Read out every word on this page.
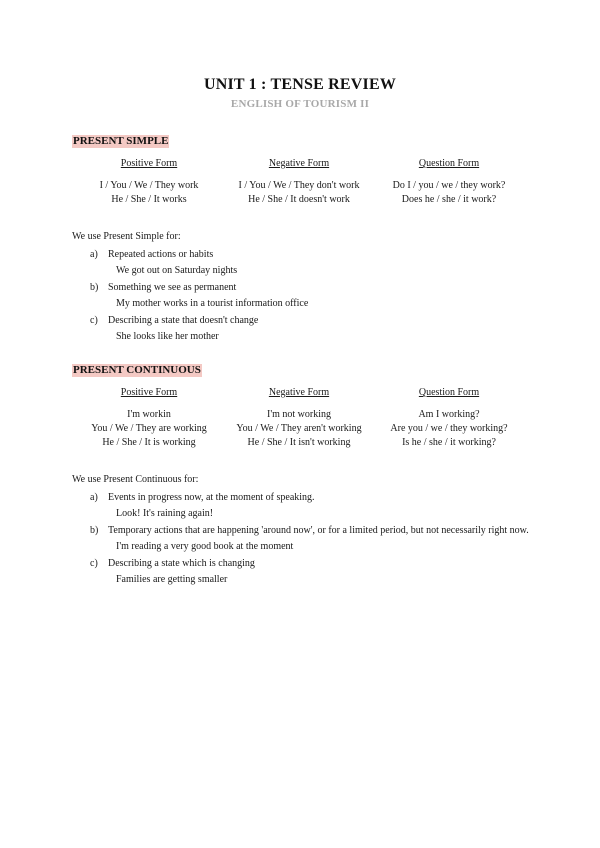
UNIT 1 : TENSE REVIEW
ENGLISH OF TOURISM II
PRESENT SIMPLE
Positive Form
I / You / We / They work
He / She / It works
Negative Form
I / You / We / They don't work
He / She / It doesn't work
Question Form
Do I / you / we / they work?
Does he / she / it work?
We use Present Simple for:
a) Repeated actions or habits
We got out on Saturday nights
b) Something we see as permanent
My mother works in a tourist information office
c) Describing a state that doesn't change
She looks like her mother
PRESENT CONTINUOUS
Positive Form
I'm workin
You / We / They are working
He / She / It is working
Negative Form
I'm not working
You / We / They aren't working
He / She / It isn't working
Question Form
Am I working?
Are you / we / they working?
Is he / she / it working?
We use Present Continuous for:
a) Events in progress now, at the moment of speaking.
Look! It's raining again!
b) Temporary actions that are happening 'around now', or for a limited period, but not necessarily right now.
I'm reading a very good book at the moment
c) Describing a state which is changing
Families are getting smaller
